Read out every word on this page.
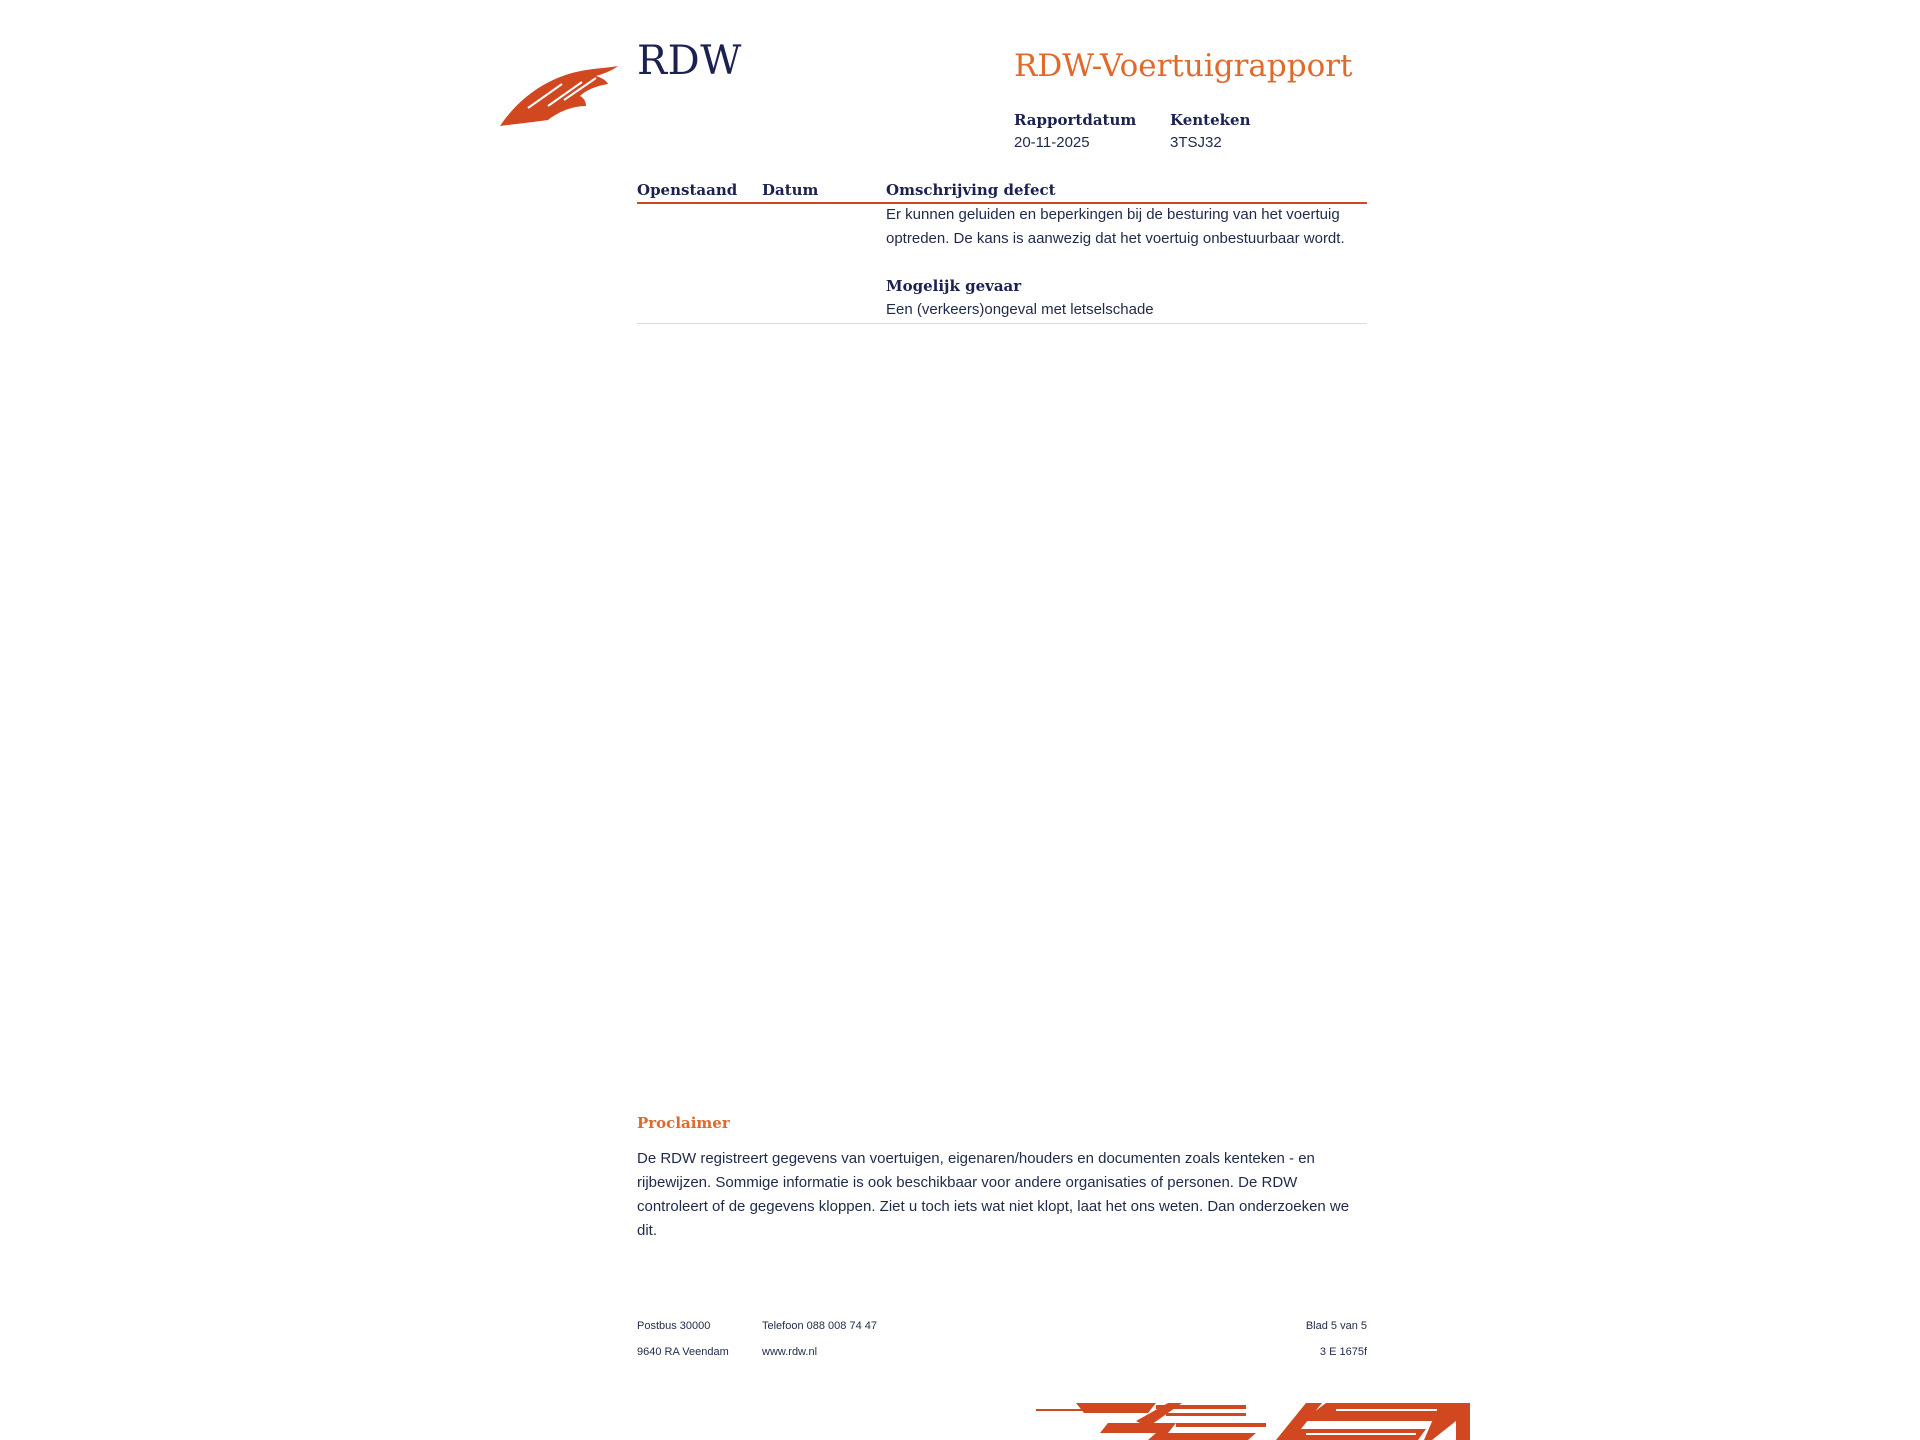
RDW	RDW-Voertuigrapport
Rapportdatum
20-11-2025
Kenteken
3TSJ32
Openstaand Datum	Omschrijving defect
Er kunnen geluiden en beperkingen bij de besturing van het voertuig optreden. De kans is aanwezig dat het voertuig onbestuurbaar wordt.
Mogelijk gevaar
Een (verkeers)ongeval met letselschade
Proclaimer
De RDW registreert gegevens van voertuigen, eigenaren/houders en documenten zoals kenteken - en rijbewijzen. Sommige informatie is ook beschikbaar voor andere organisaties of personen. De RDW controleert of de gegevens kloppen. Ziet u toch iets wat niet klopt, laat het ons weten. Dan onderzoeken we dit.
Postbus 30000
9640 RA Veendam
Telefoon 088 008 74 47
www.rdw.nl
Blad 5 van 5
3 E 1675f
